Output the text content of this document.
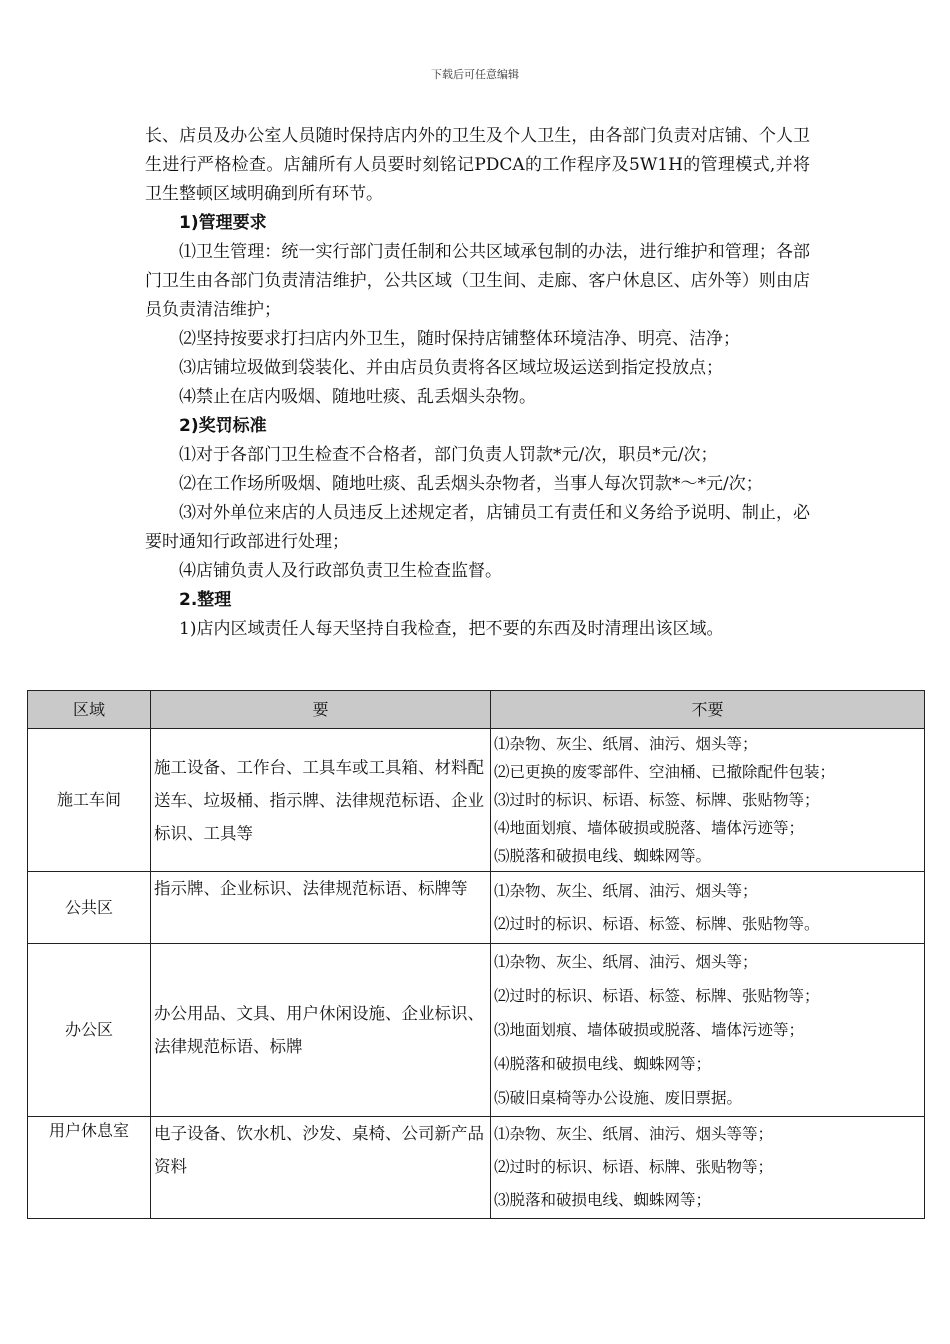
下载后可任意编辑

长、店员及办公室人员随时保持店内外的卫生及个人卫生，由各部门负责对店铺、个人卫生进行严格检查。店舖所有人员要时刻铭记PDCA的工作程序及5W1H的管理模式,并将卫生整顿区域明确到所有环节。

1)管理要求

⑴卫生管理：统一实行部门责任制和公共区域承包制的办法，进行维护和管理；各部门卫生由各部门负责清洁维护，公共区域（卫生间、走廊、客户休息区、店外等）则由店员负责清洁维护；

⑵坚持按要求打扫店内外卫生，随时保持店铺整体环境洁净、明亮、洁净；

⑶店铺垃圾做到袋装化、并由店员负责将各区域垃圾运送到指定投放点；

⑷禁止在店内吸烟、随地吐痰、乱丢烟头杂物。

2)奖罚标准

⑴对于各部门卫生检查不合格者，部门负责人罚款*元/次，职员*元/次；

⑵在工作场所吸烟、随地吐痰、乱丢烟头杂物者，当事人每次罚款*～*元/次；

⑶对外单位来店的人员违反上述规定者，店铺员工有责任和义务给予说明、制止，必要时通知行政部进行处理；

⑷店铺负责人及行政部负责卫生检查监督。

2.整理

1)店内区域责任人每天坚持自我检查，把不要的东西及时清理出该区域。

区域	要	不要
施工车间	施工设备、工作台、工具车或工具箱、材料配送车、垃圾桶、指示牌、法律规范标语、企业标识、工具等	⑴杂物、灰尘、纸屑、油污、烟头等；
⑵已更换的废零部件、空油桶、已撤除配件包装；
⑶过时的标识、标语、标签、标牌、张贴物等；
⑷地面划痕、墙体破损或脱落、墙体污迹等；
⑸脱落和破损电线、蜘蛛网等。

公共区	指示牌、企业标识、法律规范标语、标牌等	⑴杂物、灰尘、纸屑、油污、烟头等；
⑵过时的标识、标语、标签、标牌、张贴物等。

办公区	办公用品、文具、用户休闲设施、企业标识、法律规范标语、标牌	⑴杂物、灰尘、纸屑、油污、烟头等；
⑵过时的标识、标语、标签、标牌、张贴物等；
⑶地面划痕、墙体破损或脱落、墙体污迹等；
⑷脱落和破损电线、蜘蛛网等；
⑸破旧桌椅等办公设施、废旧票据。

用户休息室	电子设备、饮水机、沙发、桌椅、公司新产品资料	⑴杂物、灰尘、纸屑、油污、烟头等等；
⑵过时的标识、标语、标牌、张贴物等；
⑶脱落和破损电线、蜘蛛网等；
